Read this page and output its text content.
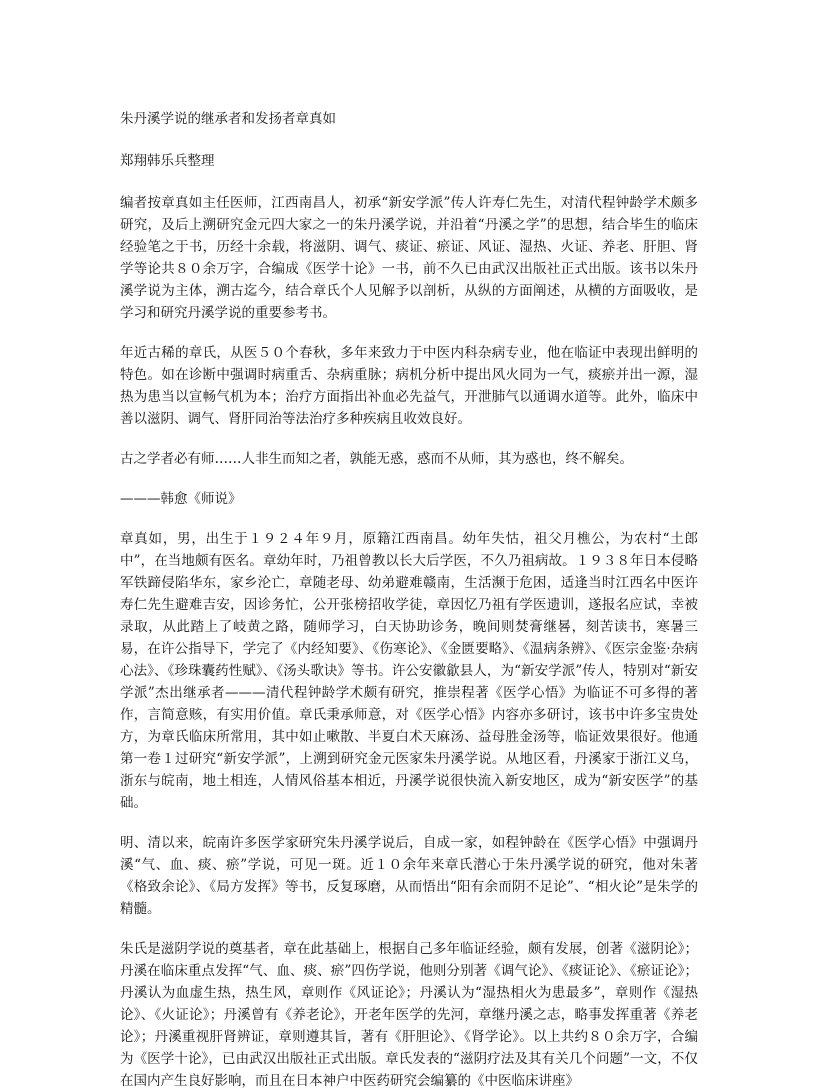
朱丹溪学说的继承者和发扬者章真如

郑翔韩乐兵整理

编者按章真如主任医师，江西南昌人，初承“新安学派”传人许寿仁先生，对清代程钟龄学术颇多研究，及后上溯研究金元四大家之一的朱丹溪学说，并沿着“丹溪之学”的思想，结合毕生的临床经验笔之于书，历经十余载，将滋阴、调气、痰证、瘀证、风证、湿热、火证、养老、肝胆、肾学等论共８０余万字，合编成《医学十论》一书，前不久已由武汉出版社正式出版。该书以朱丹溪学说为主体，溯古迄今，结合章氏个人见解予以剖析，从纵的方面阐述，从横的方面吸收，是学习和研究丹溪学说的重要参考书。

年近古稀的章氏，从医５０个春秋，多年来致力于中医内科杂病专业，他在临证中表现出鲜明的特色。如在诊断中强调时病重舌、杂病重脉；病机分析中提出风火同为一气，痰瘀并出一源，湿热为患当以宣畅气机为本；治疗方面指出补血必先益气，开泄肺气以通调水道等。此外，临床中善以滋阴、调气、肾肝同治等法治疗多种疾病且收效良好。

古之学者必有师……人非生而知之者，孰能无惑，惑而不从师，其为惑也，终不解矣。

———韩愈《师说》

章真如，男，出生于１９２４年９月，原籍江西南昌。幼年失怙，祖父月樵公，为农村“土郎中”，在当地颇有医名。章幼年时，乃祖曾教以长大后学医，不久乃祖病故。１９３８年日本侵略军铁蹄侵陷华东，家乡沦亡，章随老母、幼弟避难赣南，生活濒于危困，适逢当时江西名中医许寿仁先生避难吉安，因诊务忙，公开张榜招收学徒，章因忆乃祖有学医遗训，遂报名应试，幸被录取，从此踏上了岐黄之路，随师学习，白天协助诊务，晚间则焚膏继晷，刻苦读书，寒暑三易，在许公指导下，学完了《内经知要》、《伤寒论》、《金匮要略》、《温病条辨》、《医宗金鉴·杂病心法》、《珍珠囊药性赋》、《汤头歌诀》等书。许公安徽歙县人，为“新安学派”传人，特别对“新安学派”杰出继承者———清代程钟龄学术颇有研究，推崇程著《医学心悟》为临证不可多得的著作，言简意赅，有实用价值。章氏秉承师意，对《医学心悟》内容亦多研讨，该书中许多宝贵处方，为章氏临床所常用，其中如止嗽散、半夏白术天麻汤、益母胜金汤等，临证效果很好。他通第一卷１过研究“新安学派”，上溯到研究金元医家朱丹溪学说。从地区看，丹溪家于浙江义乌，浙东与皖南，地土相连，人情风俗基本相近，丹溪学说很快流入新安地区，成为“新安医学”的基础。

明、清以来，皖南许多医学家研究朱丹溪学说后，自成一家，如程钟龄在《医学心悟》中强调丹溪“气、血、痰、瘀”学说，可见一斑。近１０余年来章氏潜心于朱丹溪学说的研究，他对朱著《格致余论》、《局方发挥》等书，反复琢磨，从而悟出“阳有余而阴不足论”、“相火论”是朱学的精髓。

朱氏是滋阴学说的奠基者，章在此基础上，根据自己多年临证经验，颇有发展，创著《滋阴论》；丹溪在临床重点发挥“气、血、痰、瘀”四伤学说，他则分别著《调气论》、《痰证论》、《瘀证论》；丹溪认为血虚生热，热生风，章则作《风证论》；丹溪认为“湿热相火为患最多”，章则作《湿热论》、《火证论》；丹溪曾有《养老论》，开老年医学的先河，章继丹溪之志，略事发挥重著《养老论》；丹溪重视肝肾辨证，章则遵其旨，著有《肝胆论》、《肾学论》。以上共约８０余万字，合编为《医学十论》，已由武汉出版社正式出版。章氏发表的“滋阴疗法及其有关几个问题”一文，不仅在国内产生良好影响，而且在日本神户中医药研究会编纂的《中医临床讲座》
